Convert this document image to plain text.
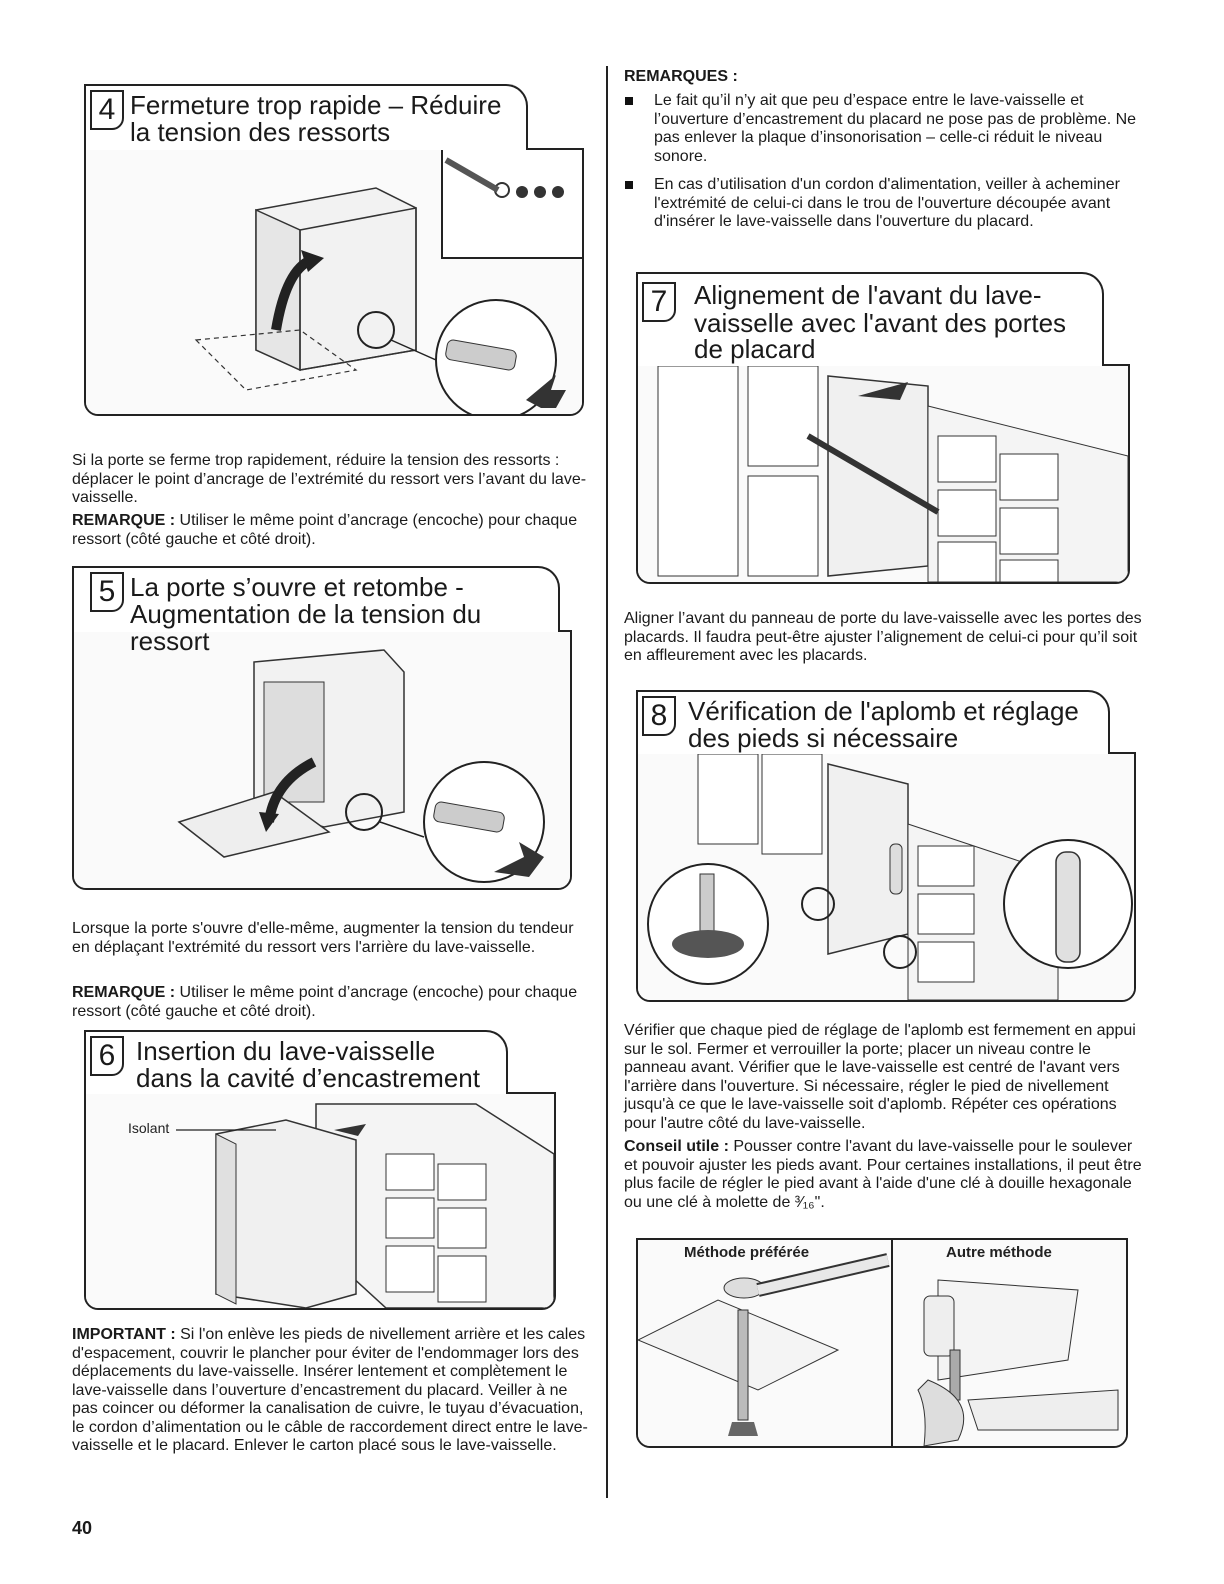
4 Fermeture trop rapide – Réduire
la tension des ressorts

Si la porte se ferme trop rapidement, réduire la tension des ressorts : déplacer le point d’ancrage de l’extrémité du ressort vers l’avant du lave-vaisselle.

REMARQUE : Utiliser le même point d’ancrage (encoche) pour chaque ressort (côté gauche et côté droit).

5 La porte s’ouvre et retombe -
Augmentation de la tension du ressort

Lorsque la porte s'ouvre d'elle-même, augmenter la tension du tendeur en déplaçant l'extrémité du ressort vers l'arrière du lave-vaisselle.

REMARQUE : Utiliser le même point d’ancrage (encoche) pour chaque ressort (côté gauche et côté droit).

Isolant
6 Insertion du lave-vaisselle
dans la cavité d’encastrement

IMPORTANT : Si l'on enlève les pieds de nivellement arrière et les cales d'espacement, couvrir le plancher pour éviter de l'endommager lors des déplacements du lave-vaisselle. Insérer lentement et complètement le lave-vaisselle dans l’ouverture d’encastrement du placard. Veiller à ne pas coincer ou déformer la canalisation de cuivre, le tuyau d’évacuation, le cordon d’alimentation ou le câble de raccordement direct entre le lave-vaisselle et le placard. Enlever le carton placé sous le lave-vaisselle.

40
REMARQUES :

Le fait qu’il n’y ait que peu d’espace entre le lave-vaisselle et l’ouverture d’encastrement du placard ne pose pas de problème. Ne pas enlever la plaque d’insonorisation – celle-ci réduit le niveau sonore.

En cas d’utilisation d'un cordon d'alimentation, veiller à acheminer l'extrémité de celui-ci dans le trou de l'ouverture découpée avant d'insérer le lave-vaisselle dans l'ouverture du placard.

7	Alignement de l'avant du lave-
vaisselle avec l'avant des portes
de placard

Aligner l’avant du panneau de porte du lave-vaisselle avec les portes des placards. Il faudra peut-être ajuster l’alignement de celui-ci pour qu’il soit en affleurement avec les placards.

8 Vérification de l'aplomb et réglage
des pieds si nécessaire

Vérifier que chaque pied de réglage de l'aplomb est fermement en appui sur le sol. Fermer et verrouiller la porte; placer un niveau contre le panneau avant. Vérifier que le lave-vaisselle est centré de l'avant vers l'arrière dans l'ouverture. Si nécessaire, régler le pied de nivellement jusqu'à ce que le lave-vaisselle soit d'aplomb. Répéter ces opérations pour l'autre côté du lave-vaisselle.

Conseil utile : Pousser contre l'avant du lave-vaisselle pour le soulever et pouvoir ajuster les pieds avant. Pour certaines installations, il peut être plus facile de régler le pied avant à l'aide d'une clé à douille hexagonale ou une clé à molette de ³⁄₁₆".

Méthode préférée	Autre méthode
